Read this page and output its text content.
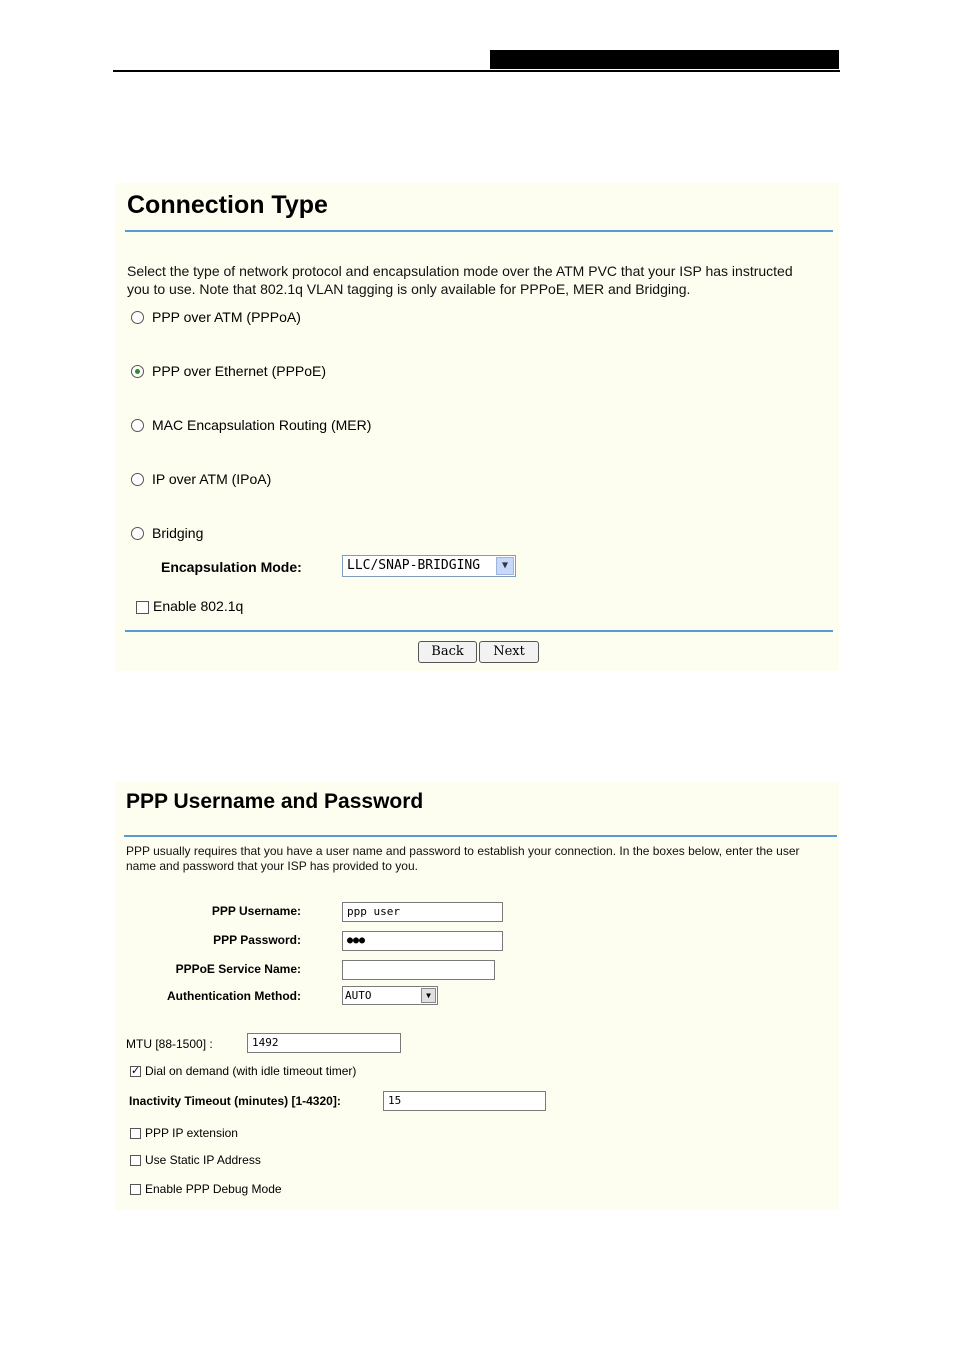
Connection Type
Select the type of network protocol and encapsulation mode over the ATM PVC that your ISP has instructed
you to use. Note that 802.1q VLAN tagging is only available for PPPoE, MER and Bridging.
PPP over ATM (PPPoA)
PPP over Ethernet (PPPoE)
MAC Encapsulation Routing (MER)
IP over ATM (IPoA)
Bridging
Encapsulation Mode:	LLC/SNAP-BRIDGING	▼
Enable 802.1q
Back	Next
PPP Username and Password
PPP usually requires that you have a user name and password to establish your connection. In the boxes below, enter the user
name and password that your ISP has provided to you.
PPP Username:	ppp user
PPP Password:	●●●
PPPoE Service Name:
Authentication Method:	AUTO	▼
MTU [88-1500] :	1492
✓Dial on demand (with idle timeout timer)
Inactivity Timeout (minutes) [1-4320]:	15
PPP IP extension
Use Static IP Address
Enable PPP Debug Mode
